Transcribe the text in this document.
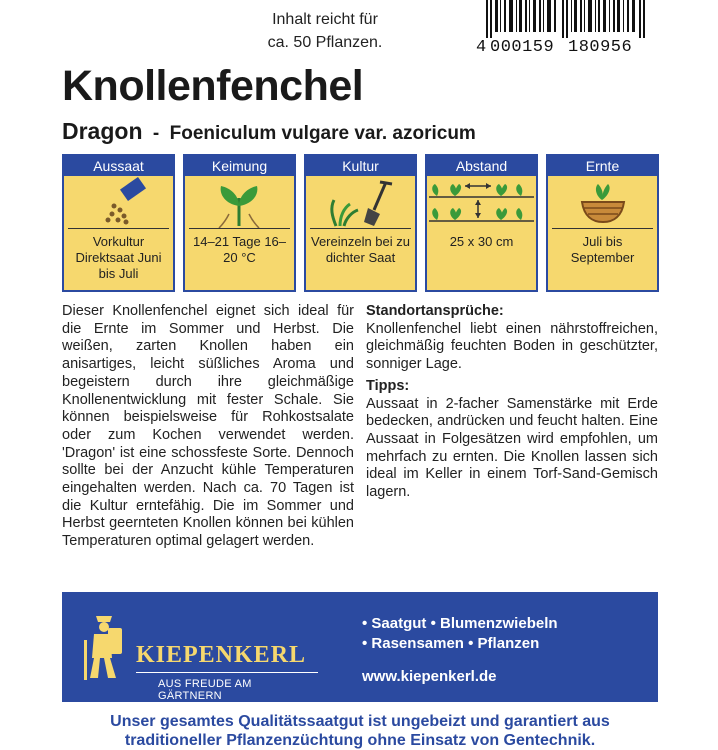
Inhalt reicht für
ca. 50 Pflanzen.	4 000159 180956
Knollenfenchel
Dragon - Foeniculum vulgare var. azoricum
Aussaat
Vorkultur Direktsaat Juni bis Juli
Keimung
14–21 Tage 16–20 °C
Kultur
Vereinzeln bei zu dichter Saat
Abstand
25 x 30 cm
Ernte
Juli bis September
Dieser Knollenfenchel eignet sich ideal für die Ernte im Sommer und Herbst. Die weißen, zarten Knollen haben ein anisartiges, leicht süßliches Aroma und begeistern durch ihre gleichmäßige Knollenentwicklung mit fester Schale. Sie können beispielsweise für Rohkostsalate oder zum Kochen verwendet werden. 'Dragon' ist eine schossfeste Sorte. Dennoch sollte bei der Anzucht kühle Temperaturen eingehalten werden. Nach ca. 70 Tagen ist die Kultur erntefähig. Die im Sommer und Herbst geernteten Knollen können bei kühlen Temperaturen optimal gelagert werden.
Standortansprüche:
Knollenfenchel liebt einen nährstoffreichen, gleichmäßig feuchten Boden in geschützter, sonniger Lage.
Tipps:
Aussaat in 2-facher Samenstärke mit Erde bedecken, andrücken und feucht halten. Eine Aussaat in Folgesätzen wird empfohlen, um mehrfach zu ernten. Die Knollen lassen sich ideal im Keller in einem Torf-Sand-Gemisch lagern.
KIEPENKERL
AUS FREUDE AM GÄRTNERN
• Saatgut • Blumenzwiebeln
• Rasensamen • Pflanzen
www.kiepenkerl.de
Unser gesamtes Qualitätssaatgut ist ungebeizt und garantiert aus
traditioneller Pflanzenzüchtung ohne Einsatz von Gentechnik.
